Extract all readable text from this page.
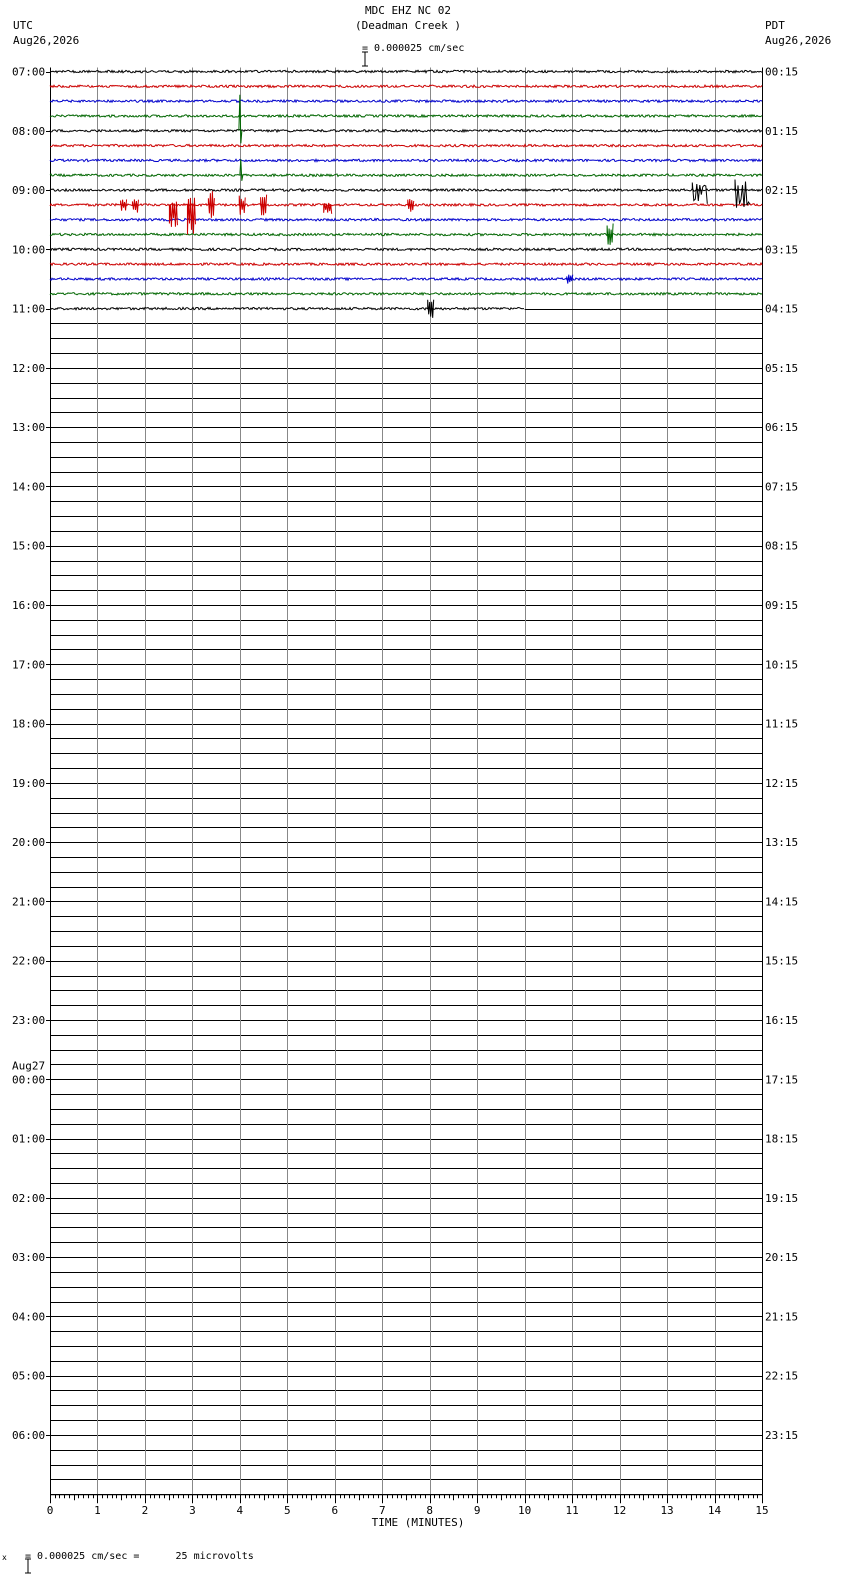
MDC EHZ NC 02
(Deadman Creek )

= 0.000025 cm/sec
UTC
Aug26,2026
PDT
Aug26,2026
07:00
08:00
09:00
10:00
11:00
12:00
13:00
14:00
15:00
16:00
17:00
18:00
19:00
20:00
21:00
22:00
23:00
00:00
Aug27
01:00
02:00
03:00
04:00
05:00
06:00
00:15
01:15
02:15
03:15
04:15
05:15
06:15
07:15
08:15
09:15
10:15
11:15
12:15
13:15
14:15
15:15
16:15
17:15
18:15
19:15
20:15
21:15
22:15
23:15
0	1	2	3	4	5	6	7	8	9	10	11	12	13	14	15
TIME (MINUTES)
x

= 0.000025 cm/sec =      25 microvolts
